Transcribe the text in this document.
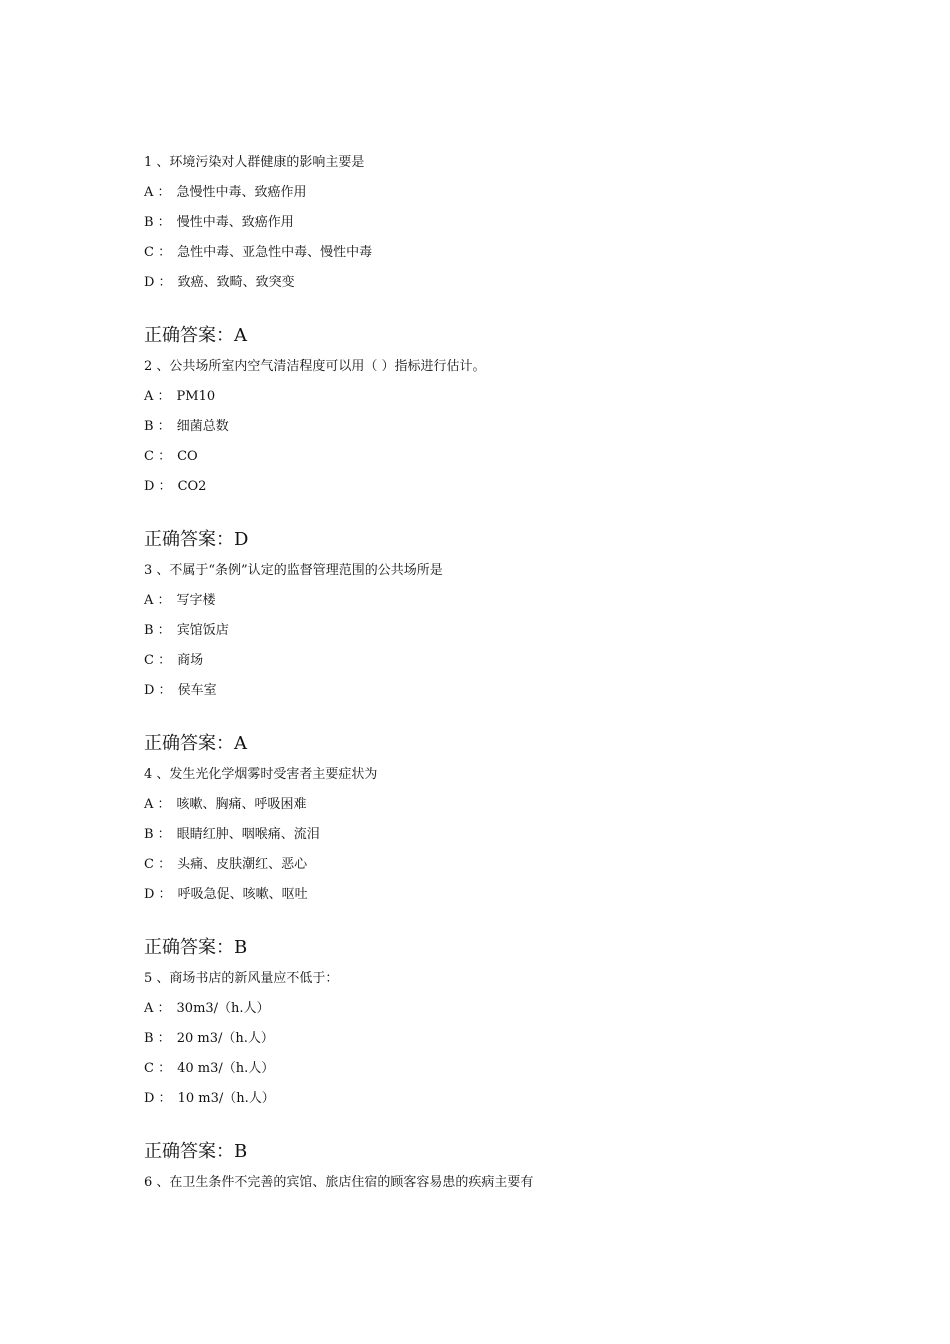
1 、环境污染对人群健康的影响主要是
A ： 急慢性中毒、致癌作用
B ： 慢性中毒、致癌作用
C ： 急性中毒、亚急性中毒、慢性中毒
D ： 致癌、致畸、致突变
正确答案：A
2 、公共场所室内空气清洁程度可以用（ ）指标进行估计。
A ： PM10
B ： 细菌总数
C ： CO
D ： CO2
正确答案：D
3 、不属于“条例”认定的监督管理范围的公共场所是
A ： 写字楼
B ： 宾馆饭店
C ： 商场
D ： 侯车室
正确答案：A
4 、发生光化学烟雾时受害者主要症状为
A ： 咳嗽、胸痛、呼吸困难
B ： 眼睛红肿、咽喉痛、流泪
C ： 头痛、皮肤潮红、恶心
D ： 呼吸急促、咳嗽、呕吐
正确答案：B
5 、商场书店的新风量应不低于：
A ： 30m3/（h.人）
B ： 20 m3/（h.人）
C ： 40 m3/（h.人）
D ： 10 m3/（h.人）
正确答案：B
6 、在卫生条件不完善的宾馆、旅店住宿的顾客容易患的疾病主要有
